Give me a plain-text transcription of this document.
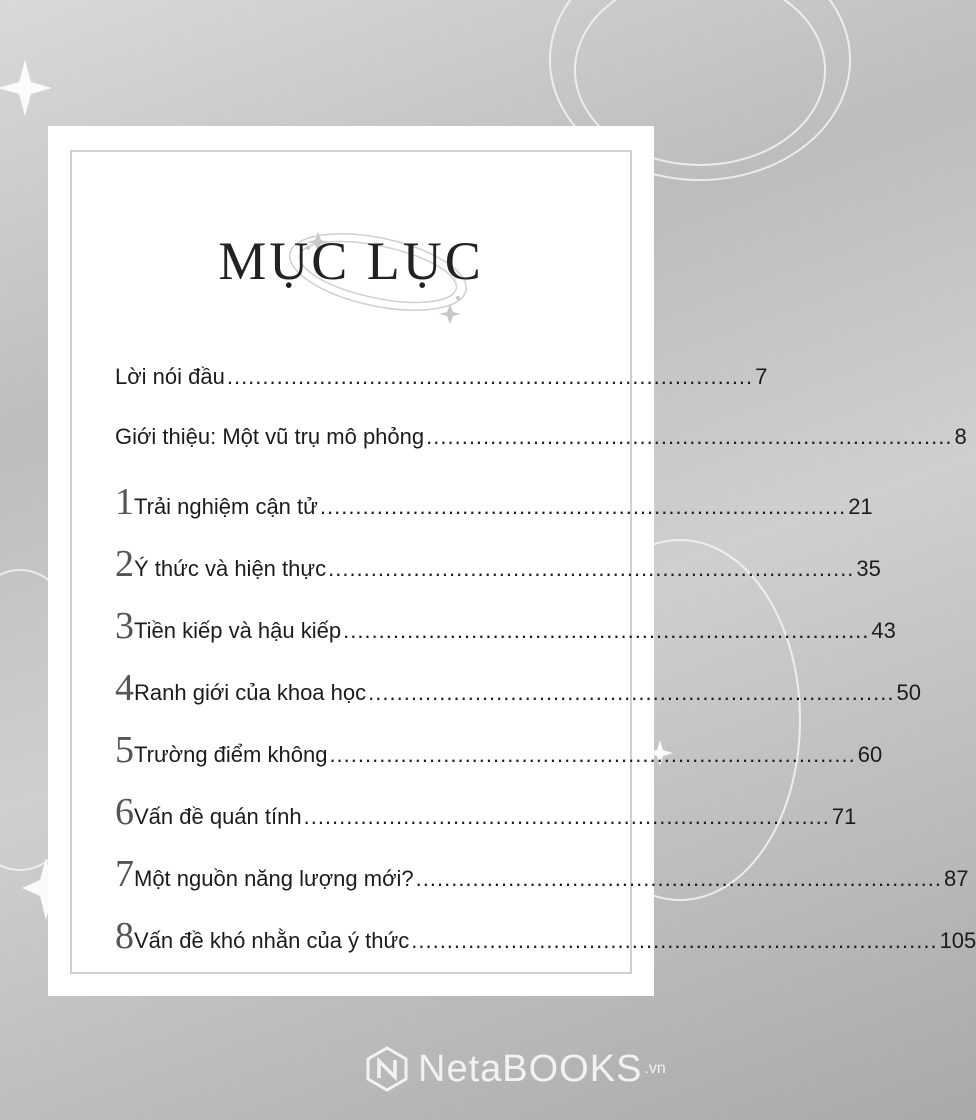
MỤC LỤC
Lời nói đầu .......................................................................... 7
Giới thiệu: Một vũ trụ mô phỏng .......................................................................... 8
1 Trải nghiệm cận tử .......................................................................... 21
2 Ý thức và hiện thực .......................................................................... 35
3 Tiền kiếp và hậu kiếp .......................................................................... 43
4 Ranh giới của khoa học .......................................................................... 50
5 Trường điểm không .......................................................................... 60
6 Vấn đề quán tính .......................................................................... 71
7 Một nguồn năng lượng mới? .......................................................................... 87
8 Vấn đề khó nhằn của ý thức .......................................................................... 105
NetaBOOKS .vn
